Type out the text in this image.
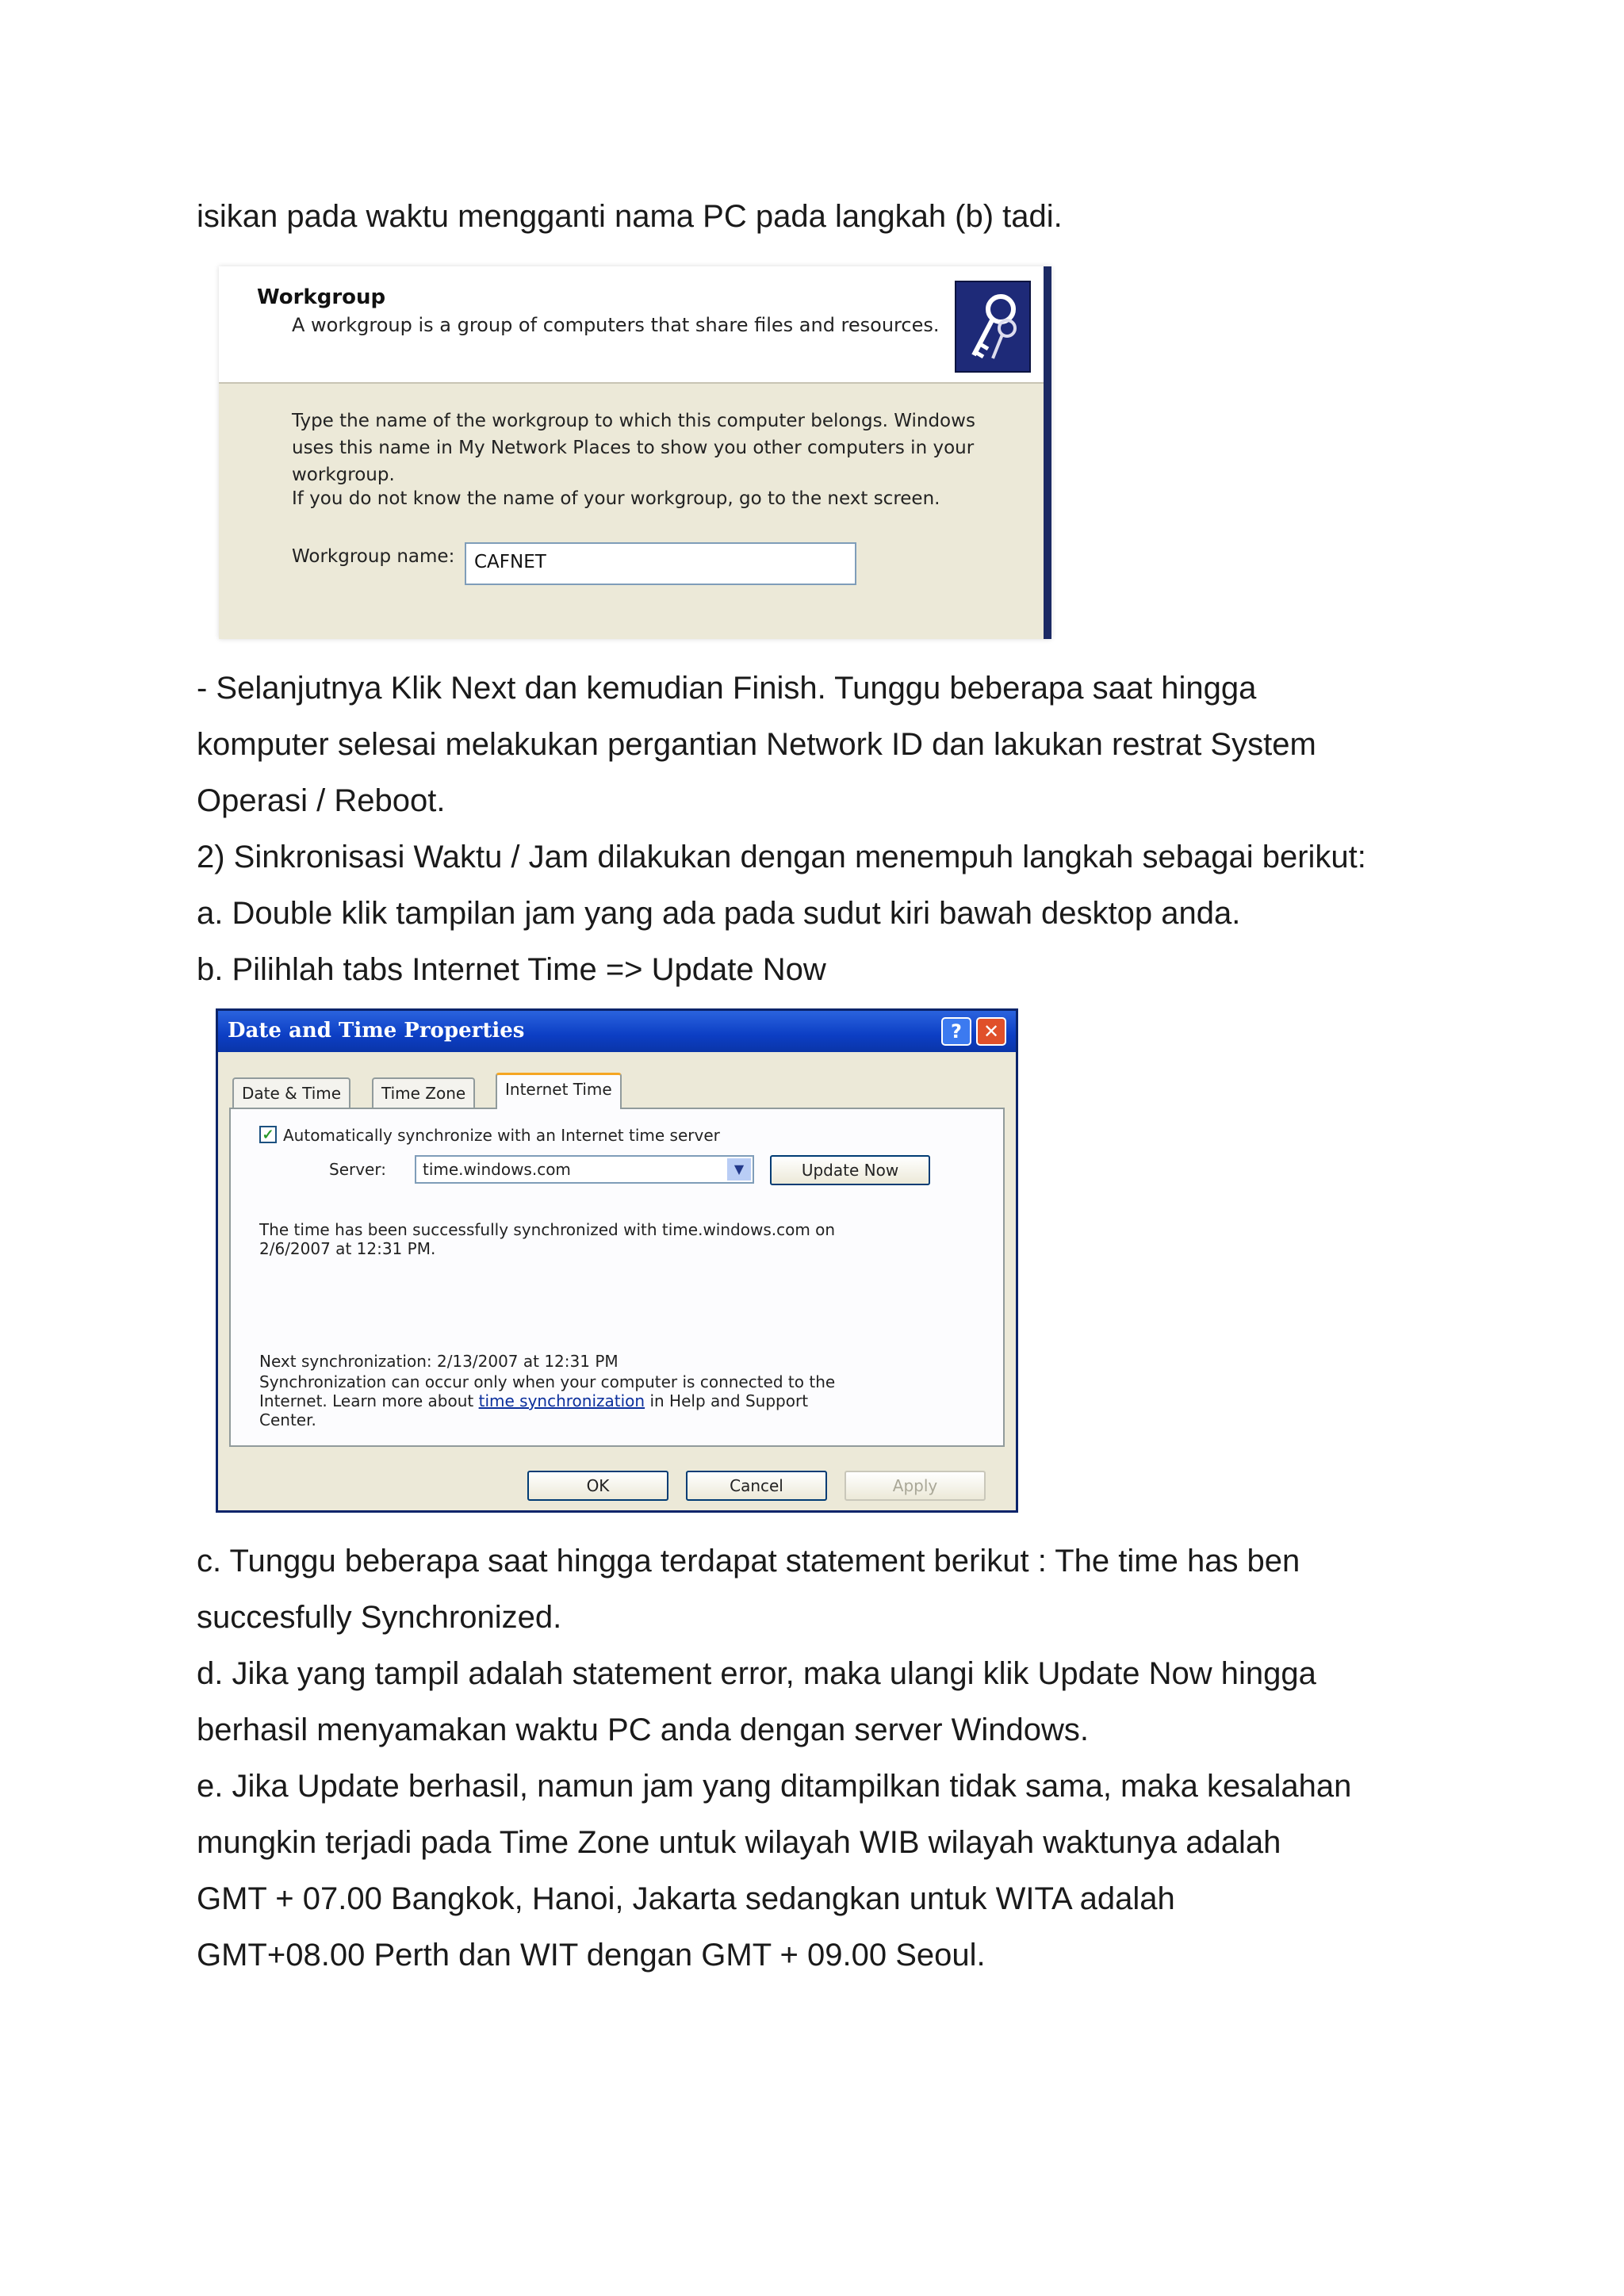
isikan pada waktu mengganti nama PC pada langkah (b) tadi.
Workgroup
A workgroup is a group of computers that share files and resources.
Type the name of the workgroup to which this computer belongs. Windows uses this name in My Network Places to show you other computers in your workgroup.
If you do not know the name of your workgroup, go to the next screen.
Workgroup name:	CAFNET
- Selanjutnya Klik Next dan kemudian Finish. Tunggu beberapa saat hingga
komputer selesai melakukan pergantian Network ID dan lakukan restrat System
Operasi / Reboot.
2) Sinkronisasi Waktu / Jam dilakukan dengan menempuh langkah sebagai berikut:
a. Double klik tampilan jam yang ada pada sudut kiri bawah desktop anda.
b. Pilihlah tabs Internet Time => Update Now
Date and Time Properties	?	✕
Date & Time	Time Zone	Internet Time
✓ Automatically synchronize with an Internet time server
Server:	time.windows.com	▼	Update Now
The time has been successfully synchronized with time.windows.com on
2/6/2007 at 12:31 PM.
Next synchronization: 2/13/2007 at 12:31 PM
Synchronization can occur only when your computer is connected to the
Internet. Learn more about time synchronization in Help and Support
Center.
OK	Cancel	Apply
c. Tunggu beberapa saat hingga terdapat statement berikut : The time has ben
succesfully Synchronized.
d. Jika yang tampil adalah statement error, maka ulangi klik Update Now hingga
berhasil menyamakan waktu PC anda dengan server Windows.
e. Jika Update berhasil, namun jam yang ditampilkan tidak sama, maka kesalahan
mungkin terjadi pada Time Zone untuk wilayah WIB wilayah waktunya adalah
GMT + 07.00 Bangkok, Hanoi, Jakarta sedangkan untuk WITA adalah
GMT+08.00 Perth dan WIT dengan GMT + 09.00 Seoul.
